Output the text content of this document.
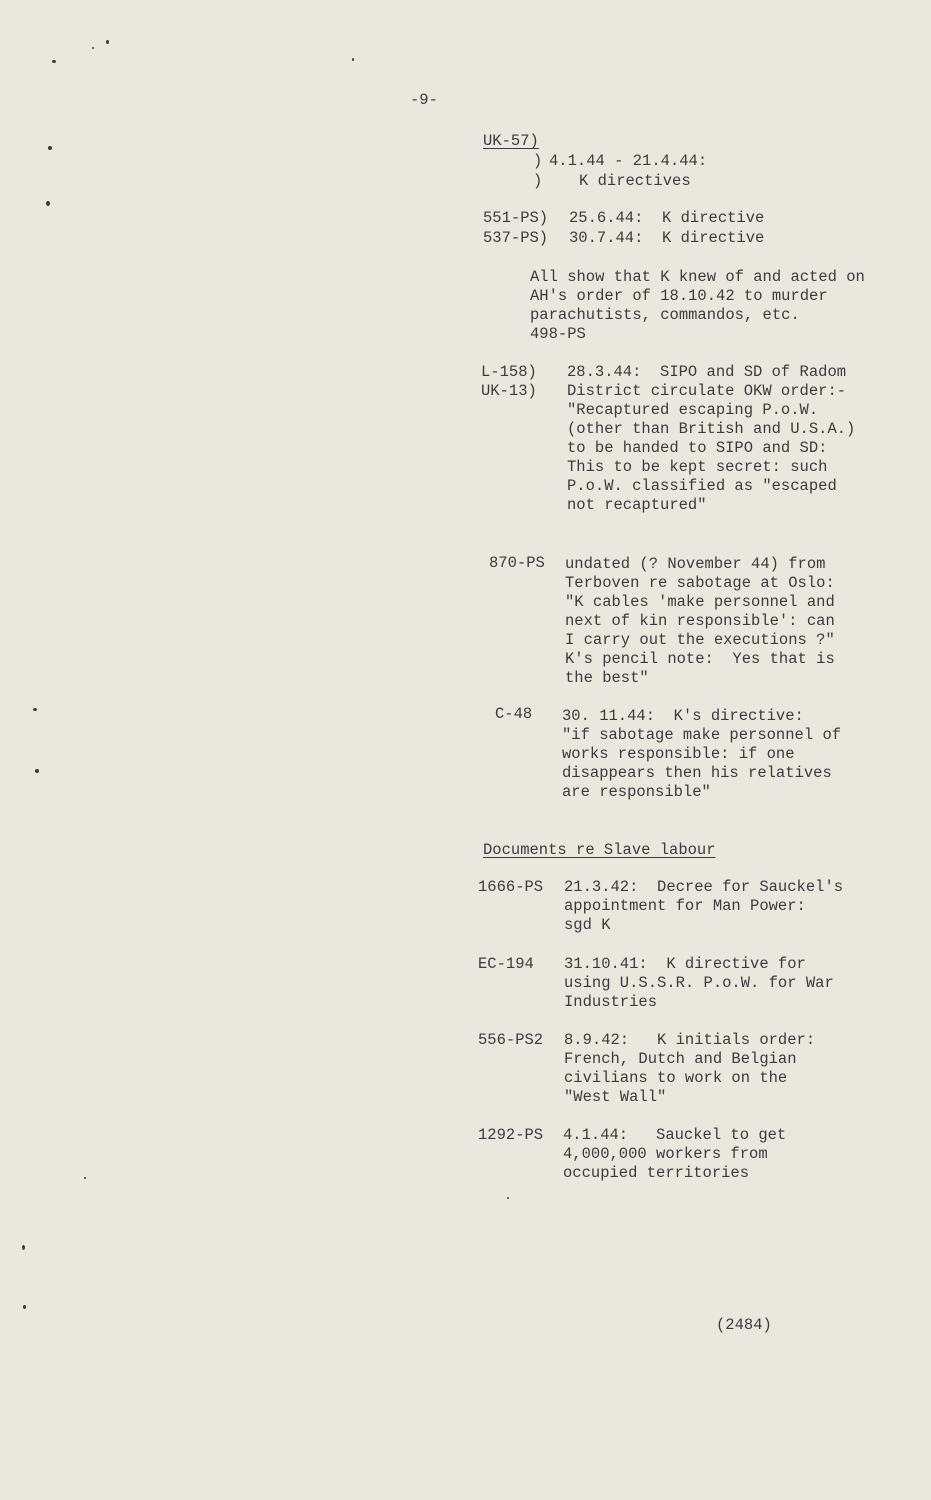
-9-
UK-57)
)
)
4.1.44 - 21.4.44:
K directives
551-PS)
537-PS)
25.6.44:  K directive
30.7.44:  K directive
All show that K knew of and acted on
AH's order of 18.10.42 to murder
parachutists, commandos, etc.
498-PS
L-158)
UK-13)
28.3.44:  SIPO and SD of Radom
District circulate OKW order:-
"Recaptured escaping P.o.W.
(other than British and U.S.A.)
to be handed to SIPO and SD:
This to be kept secret: such
P.o.W. classified as "escaped
not recaptured"
870-PS undated (? November 44) from
Terboven re sabotage at Oslo:
"K cables 'make personnel and
next of kin responsible': can
I carry out the executions ?"
K's pencil note:  Yes that is
the best"
C-48 30. 11.44:  K's directive:
"if sabotage make personnel of
works responsible: if one
disappears then his relatives
are responsible"
Documents re Slave labour
1666-PS 21.3.42:  Decree for Sauckel's
appointment for Man Power:
sgd K
EC-194 31.10.41:  K directive for
using U.S.S.R. P.o.W. for War
Industries
556-PS2 8.9.42:   K initials order:
French, Dutch and Belgian
civilians to work on the
"West Wall"
1292-PS 4.1.44:   Sauckel to get
4,000,000 workers from
occupied territories
(2484)
